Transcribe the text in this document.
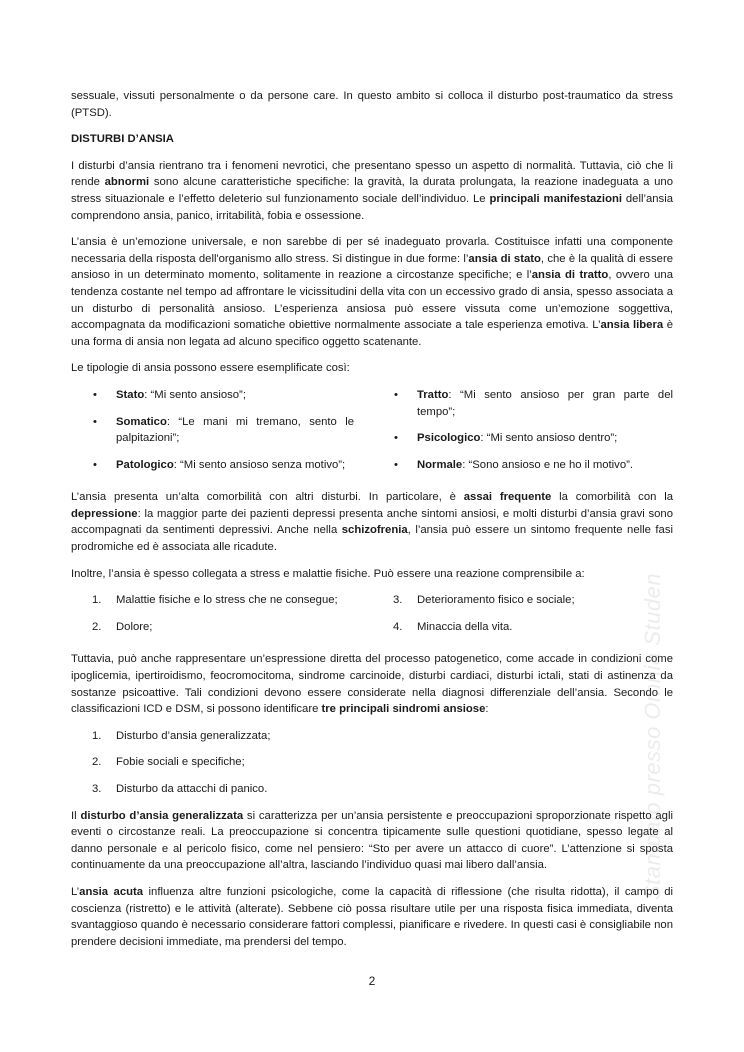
sessuale, vissuti personalmente o da persone care. In questo ambito si colloca il disturbo post-traumatico da stress (PTSD).

DISTURBI D’ANSIA

I disturbi d’ansia rientrano tra i fenomeni nevrotici, che presentano spesso un aspetto di normalità. Tuttavia, ciò che li rende abnormi sono alcune caratteristiche specifiche: la gravità, la durata prolungata, la reazione inadeguata a uno stress situazionale e l’effetto deleterio sul funzionamento sociale dell’individuo. Le principali manifestazioni dell’ansia comprendono ansia, panico, irritabilità, fobia e ossessione.

L’ansia è un’emozione universale, e non sarebbe di per sé inadeguato provarla. Costituisce infatti una componente necessaria della risposta dell'organismo allo stress. Si distingue in due forme: l’ansia di stato, che è la qualità di essere ansioso in un determinato momento, solitamente in reazione a circostanze specifiche; e l’ansia di tratto, ovvero una tendenza costante nel tempo ad affrontare le vicissitudini della vita con un eccessivo grado di ansia, spesso associata a un disturbo di personalità ansioso. L’esperienza ansiosa può essere vissuta come un’emozione soggettiva, accompagnata da modificazioni somatiche obiettive normalmente associate a tale esperienza emotiva. L’ansia libera è una forma di ansia non legata ad alcuno specifico oggetto scatenante.

Le tipologie di ansia possono essere esemplificate così:

• Stato: “Mi sento ansioso”;
• Somatico: “Le mani mi tremano, sento le palpitazioni”;
• Patologico: “Mi sento ansioso senza motivo”;
• Tratto: “Mi sento ansioso per gran parte del tempo”;
• Psicologico: “Mi sento ansioso dentro”;
• Normale: “Sono ansioso e ne ho il motivo”.

L’ansia presenta un’alta comorbilità con altri disturbi. In particolare, è assai frequente la comorbilità con la depressione: la maggior parte dei pazienti depressi presenta anche sintomi ansiosi, e molti disturbi d’ansia gravi sono accompagnati da sentimenti depressivi. Anche nella schizofrenia, l’ansia può essere un sintomo frequente nelle fasi prodromiche ed è associata alle ricadute.

Inoltre, l’ansia è spesso collegata a stress e malattie fisiche. Può essere una reazione comprensibile a:

1. Malattie fisiche e lo stress che ne consegue;
2. Dolore;
3. Deterioramento fisico e sociale;
4. Minaccia della vita.

Tuttavia, può anche rappresentare un’espressione diretta del processo patogenetico, come accade in condizioni come ipoglicemia, ipertiroidismo, feocromocitoma, sindrome carcinoide, disturbi cardiaci, disturbi ictali, stati di astinenza da sostanze psicoattive. Tali condizioni devono essere considerate nella diagnosi differenziale dell’ansia. Secondo le classificazioni ICD e DSM, si possono identificare tre principali sindromi ansiose:

1. Disturbo d’ansia generalizzata;
2. Fobie sociali e specifiche;
3. Disturbo da attacchi di panico.

Il disturbo d’ansia generalizzata si caratterizza per un’ansia persistente e preoccupazioni sproporzionate rispetto agli eventi o circostanze reali. La preoccupazione si concentra tipicamente sulle questioni quotidiane, spesso legate al danno personale e al pericolo fisico, come nel pensiero: “Sto per avere un attacco di cuore”. L’attenzione si sposta continuamente da una preoccupazione all’altra, lasciando l’individuo quasi mai libero dall’ansia.

L’ansia acuta influenza altre funzioni psicologiche, come la capacità di riflessione (che risulta ridotta), il campo di coscienza (ristretto) e le attività (alterate). Sebbene ciò possa risultare utile per una risposta fisica immediata, diventa svantaggioso quando è necessario considerare fattori complessi, pianificare e rivedere. In questi casi è consigliabile non prendere decisioni immediate, ma prendersi del tempo.

Stampato presso Omnia Studen
2
